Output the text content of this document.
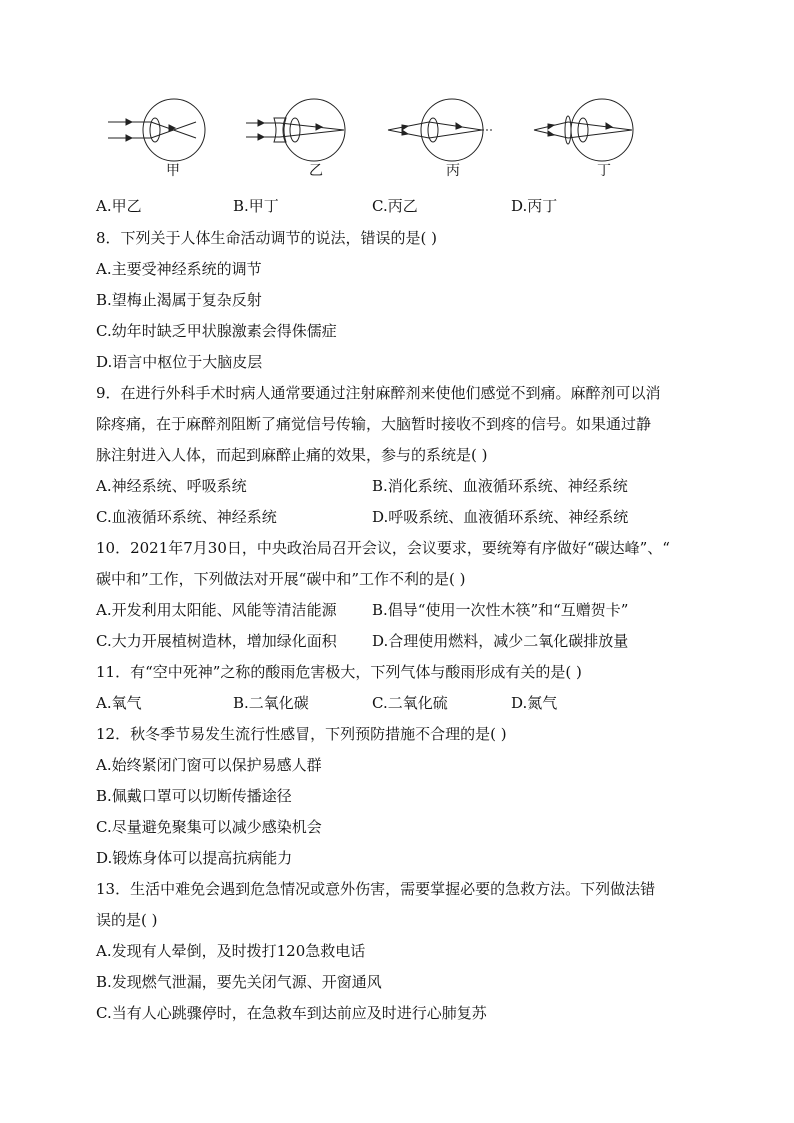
甲	乙	丙	丁
A.甲乙	B.甲丁	C.丙乙	D.丙丁
8．下列关于人体生命活动调节的说法，错误的是( )
A.主要受神经系统的调节
B.望梅止渴属于复杂反射
C.幼年时缺乏甲状腺激素会得侏儒症
D.语言中枢位于大脑皮层
9．在进行外科手术时病人通常要通过注射麻醉剂来使他们感觉不到痛。麻醉剂可以消
除疼痛，在于麻醉剂阻断了痛觉信号传输，大脑暂时接收不到疼的信号。如果通过静
脉注射进入人体，而起到麻醉止痛的效果，参与的系统是( )
A.神经系统、呼吸系统	B.消化系统、血液循环系统、神经系统
C.血液循环系统、神经系统	D.呼吸系统、血液循环系统、神经系统
10．2021年7月30日，中央政治局召开会议，会议要求，要统筹有序做好“碳达峰”、“
碳中和”工作，下列做法对开展“碳中和”工作不利的是( )
A.开发利用太阳能、风能等清洁能源 B.倡导“使用一次性木筷”和“互赠贺卡”
C.大力开展植树造林，增加绿化面积 D.合理使用燃料，减少二氧化碳排放量
11．有“空中死神”之称的酸雨危害极大，下列气体与酸雨形成有关的是( )
A.氧气	B.二氧化碳	C.二氧化硫	D.氮气
12．秋冬季节易发生流行性感冒，下列预防措施不合理的是( )
A.始终紧闭门窗可以保护易感人群
B.佩戴口罩可以切断传播途径
C.尽量避免聚集可以减少感染机会
D.锻炼身体可以提高抗病能力
13．生活中难免会遇到危急情况或意外伤害，需要掌握必要的急救方法。下列做法错
误的是( )
A.发现有人晕倒，及时拨打120急救电话
B.发现燃气泄漏，要先关闭气源、开窗通风
C.当有人心跳骤停时，在急救车到达前应及时进行心肺复苏
